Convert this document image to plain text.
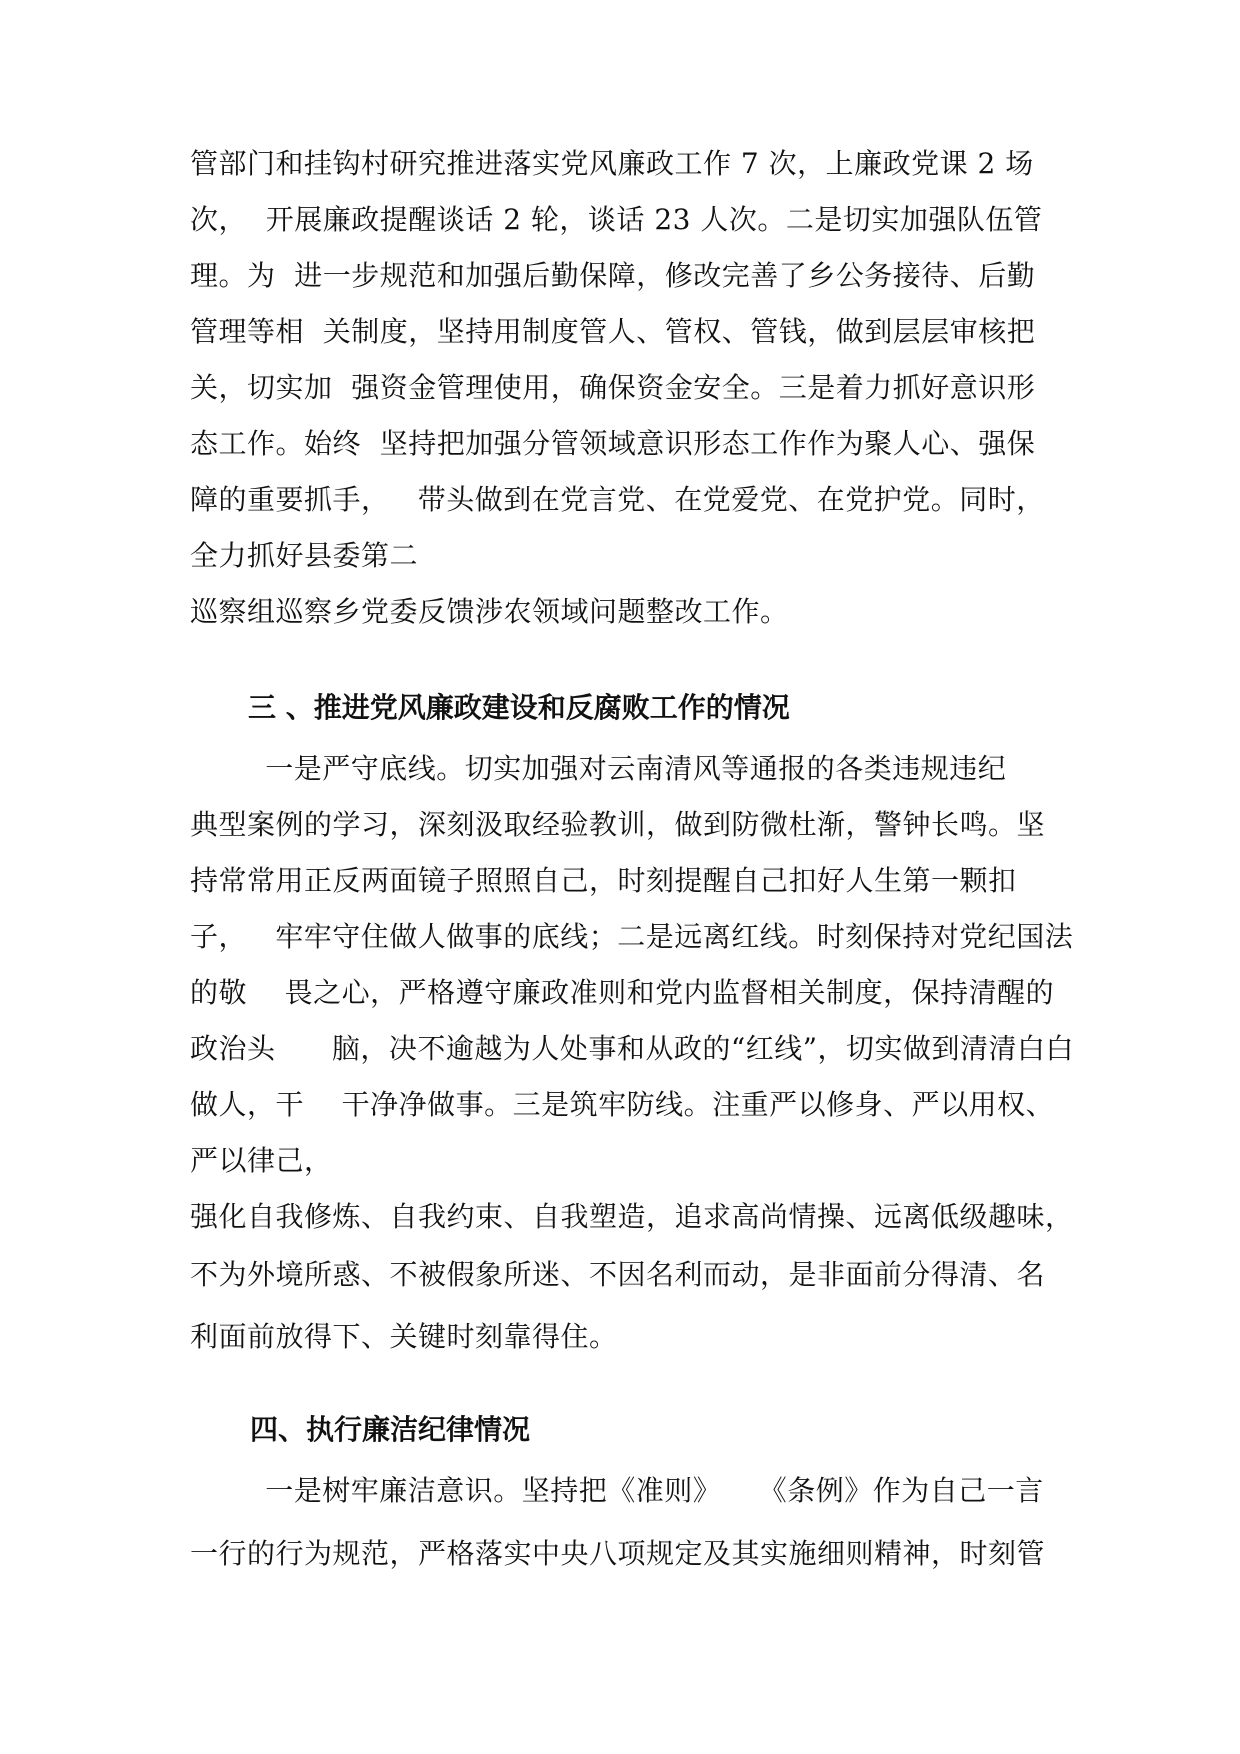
管部门和挂钩村研究推进落实党风廉政工作 7 次，上廉政党课 2 场
次，  开展廉政提醒谈话 2 轮，谈话 23 人次。二是切实加强队伍管
理。为  进一步规范和加强后勤保障，修改完善了乡公务接待、后勤
管理等相  关制度，坚持用制度管人、管权、管钱，做到层层审核把
关，切实加  强资金管理使用，确保资金安全。三是着力抓好意识形
态工作。始终  坚持把加强分管领域意识形态工作作为聚人心、强保
障的重要抓手，   带头做到在党言党、在党爱党、在党护党。同时，
全力抓好县委第二
巡察组巡察乡党委反馈涉农领域问题整改工作。
三 、推进党风廉政建设和反腐败工作的情况
一是严守底线。切实加强对云南清风等通报的各类违规违纪
典型案例的学习，深刻汲取经验教训，做到防微杜渐，警钟长鸣。坚
持常常用正反两面镜子照照自己，时刻提醒自己扣好人生第一颗扣
子，   牢牢守住做人做事的底线；二是远离红线。时刻保持对党纪国法
的敬    畏之心，严格遵守廉政准则和党内监督相关制度，保持清醒的
政治头      脑，决不逾越为人处事和从政的“红线”，切实做到清清白白
做人，干    干净净做事。三是筑牢防线。注重严以修身、严以用权、
严以律己，
强化自我修炼、自我约束、自我塑造，追求高尚情操、远离低级趣味，
不为外境所惑、不被假象所迷、不因名利而动，是非面前分得清、名
利面前放得下、关键时刻靠得住。
四、执行廉洁纪律情况
一是树牢廉洁意识。坚持把《准则》    《条例》作为自己一言
一行的行为规范，严格落实中央八项规定及其实施细则精神，时刻管
